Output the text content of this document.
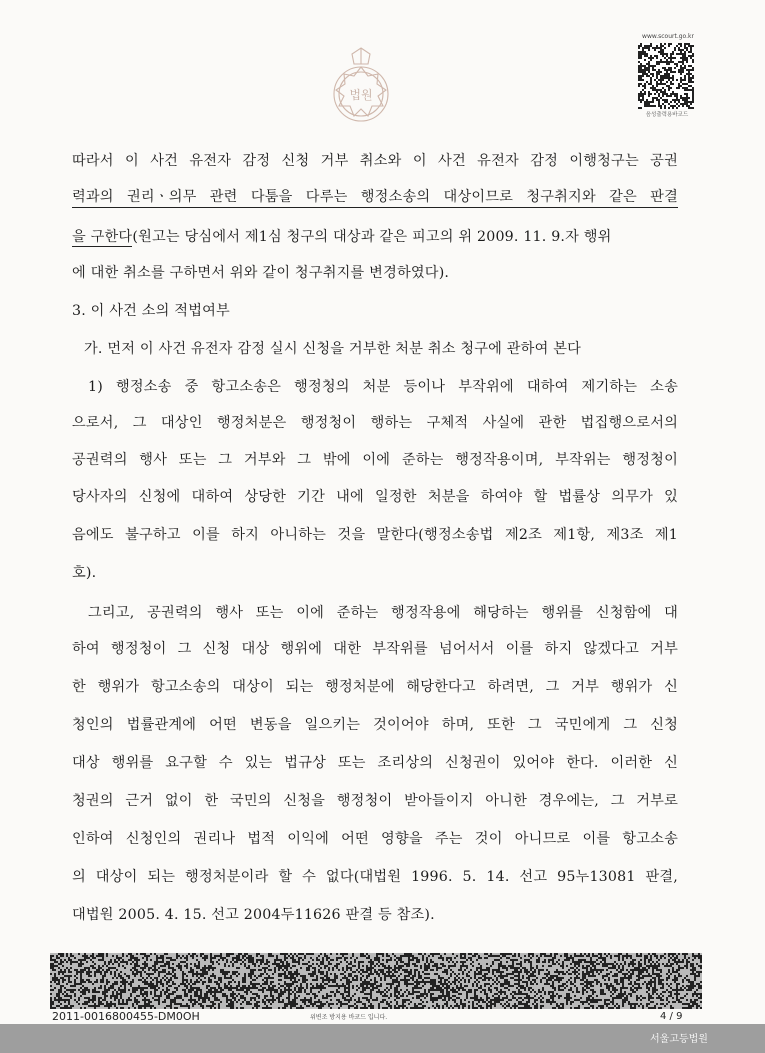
법원
www.scourt.go.kr
음성출력용바코드
따라서 이 사건 유전자 감정 신청 거부 취소와 이 사건 유전자 감정 이행청구는 공권
력과의 권리ㆍ의무 관련 다툼을 다루는 행정소송의 대상이므로 청구취지와 같은 판결
을 구한다(원고는 당심에서 제1심 청구의 대상과 같은 피고의 위 2009. 11. 9.자 행위
에 대한 취소를 구하면서 위와 같이 청구취지를 변경하였다).
3. 이 사건 소의 적법여부
가. 먼저 이 사건 유전자 감정 실시 신청을 거부한 처분 취소 청구에 관하여 본다
1) 행정소송 중 항고소송은 행정청의 처분 등이나 부작위에 대하여 제기하는 소송
으로서, 그 대상인 행정처분은 행정청이 행하는 구체적 사실에 관한 법집행으로서의
공권력의 행사 또는 그 거부와 그 밖에 이에 준하는 행정작용이며, 부작위는 행정청이
당사자의 신청에 대하여 상당한 기간 내에 일정한 처분을 하여야 할 법률상 의무가 있
음에도 불구하고 이를 하지 아니하는 것을 말한다(행정소송법 제2조 제1항, 제3조 제1
호).
그리고, 공권력의 행사 또는 이에 준하는 행정작용에 해당하는 행위를 신청함에 대
하여 행정청이 그 신청 대상 행위에 대한 부작위를 넘어서서 이를 하지 않겠다고 거부
한 행위가 항고소송의 대상이 되는 행정처분에 해당한다고 하려면, 그 거부 행위가 신
청인의 법률관계에 어떤 변동을 일으키는 것이어야 하며, 또한 그 국민에게 그 신청
대상 행위를 요구할 수 있는 법규상 또는 조리상의 신청권이 있어야 한다. 이러한 신
청권의 근거 없이 한 국민의 신청을 행정청이 받아들이지 아니한 경우에는, 그 거부로
인하여 신청인의 권리나 법적 이익에 어떤 영향을 주는 것이 아니므로 이를 항고소송
의 대상이 되는 행정처분이라 할 수 없다(대법원 1996. 5. 14. 선고 95누13081 판결,
대법원 2005. 4. 15. 선고 2004두11626 판결 등 참조).
2011-0016800455-DM0OH	위변조 방지용 바코드 입니다.	4 / 9
서울고등법원
